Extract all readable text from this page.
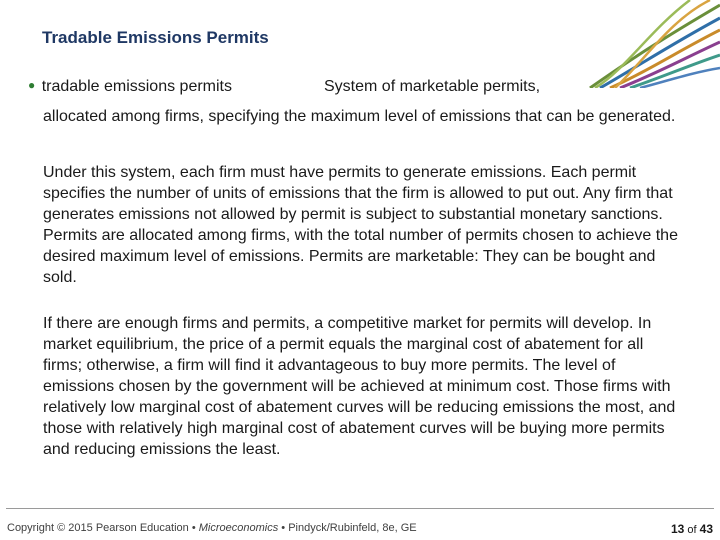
Tradable Emissions Permits
● tradable emissions permits	System of marketable permits,

allocated among firms, specifying the maximum level of emissions that can be generated.

Under this system, each firm must have permits to generate emissions. Each permit specifies the number of units of emissions that the firm is allowed to put out. Any firm that generates emissions not allowed by permit is subject to substantial monetary sanctions. Permits are allocated among firms, with the total number of permits chosen to achieve the desired maximum level of emissions. Permits are marketable: They can be bought and sold.

If there are enough firms and permits, a competitive market for permits will develop. In market equilibrium, the price of a permit equals the marginal cost of abatement for all firms; otherwise, a firm will find it advantageous to buy more permits. The level of emissions chosen by the government will be achieved at minimum cost. Those firms with relatively low marginal cost of abatement curves will be reducing emissions the most, and those with relatively high marginal cost of abatement curves will be buying more permits and reducing emissions the least.

Copyright © 2015 Pearson Education • Microeconomics • Pindyck/Rubinfeld, 8e, GE	13 of 43
